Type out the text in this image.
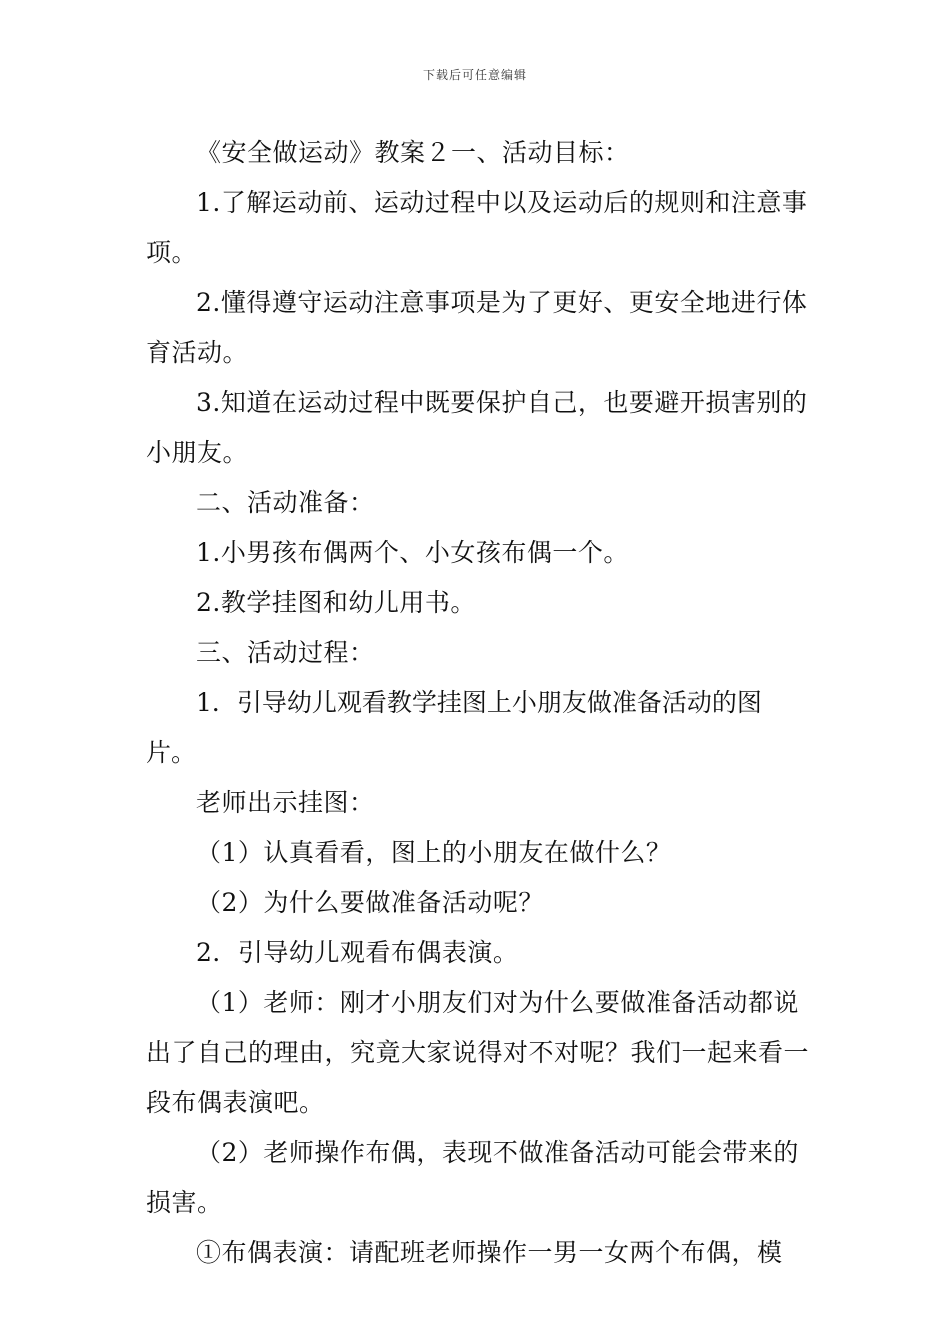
下载后可任意编辑

《安全做运动》教案２一、活动目标：

1.了解运动前、运动过程中以及运动后的规则和注意事项。

2.懂得遵守运动注意事项是为了更好、更安全地进行体育活动。

3.知道在运动过程中既要保护自己，也要避开损害别的小朋友。

二、活动准备：

1.小男孩布偶两个、小女孩布偶一个。

2.教学挂图和幼儿用书。

三、活动过程：

1．引导幼儿观看教学挂图上小朋友做准备活动的图片。

老师出示挂图：

（1）认真看看，图上的小朋友在做什么？

（2）为什么要做准备活动呢？

2．引导幼儿观看布偶表演。

（1）老师：刚才小朋友们对为什么要做准备活动都说出了自己的理由，究竟大家说得对不对呢？我们一起来看一段布偶表演吧。

（2）老师操作布偶，表现不做准备活动可能会带来的损害。

①布偶表演：请配班老师操作一男一女两个布偶，模
